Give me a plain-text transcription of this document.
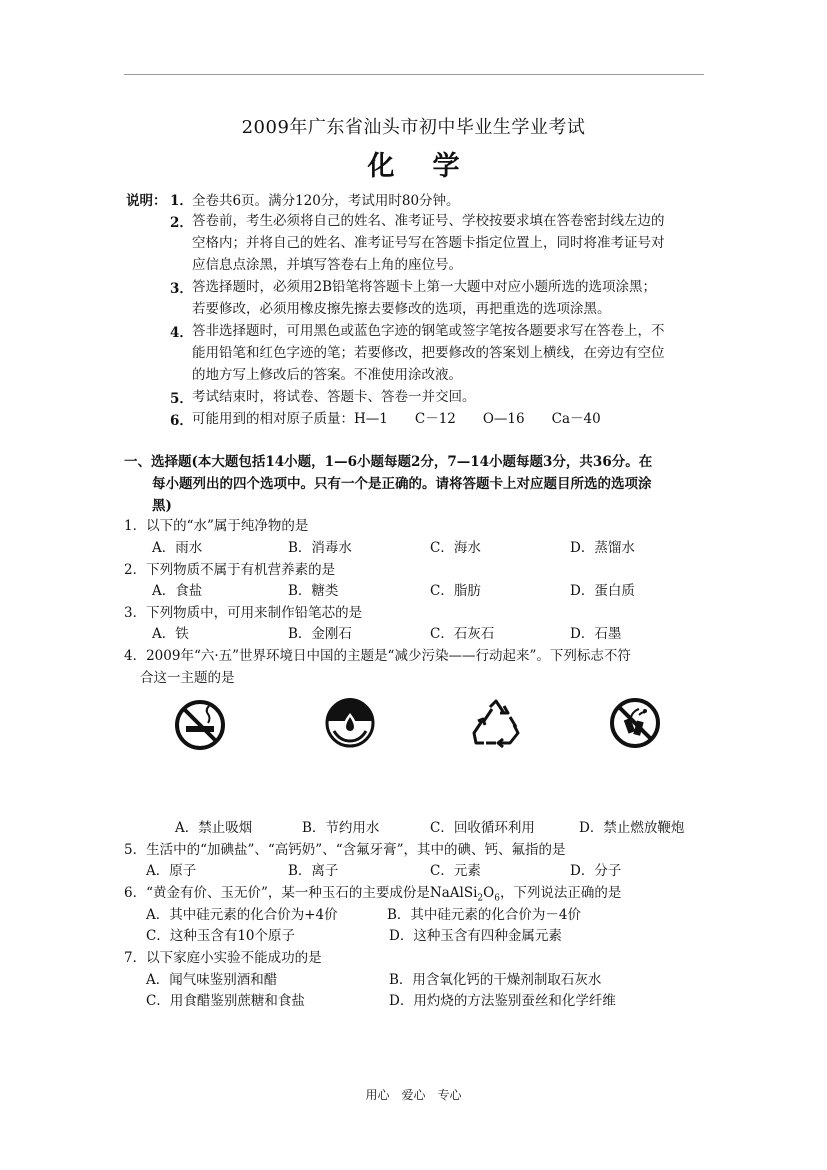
2009年广东省汕头市初中毕业生学业考试
化学
说明： 1． 全卷共6页。满分120分，考试用时80分钟。
2． 答卷前，考生必须将自己的姓名、准考证号、学校按要求填在答卷密封线左边的
空格内；并将自己的姓名、准考证号写在答题卡指定位置上，同时将准考证号对
应信息点涂黑，并填写答卷右上角的座位号。
3． 答选择题时，必须用2B铅笔将答题卡上第一大题中对应小题所选的选项涂黑；
若要修改，必须用橡皮擦先擦去要修改的选项，再把重选的选项涂黑。
4． 答非选择题时，可用黑色或蓝色字迹的钢笔或签字笔按各题要求写在答卷上，不
能用铅笔和红色字迹的笔；若要修改，把要修改的答案划上横线，在旁边有空位
的地方写上修改后的答案。不准使用涂改液。
5． 考试结束时，将试卷、答题卡、答卷一并交回。
6． 可能用到的相对原子质量：H—1　　C－12　　O—16　　Ca－40
一、选择题(本大题包括14小题，1—6小题每题2分，7—14小题每题3分，共36分。在
每小题列出的四个选项中。只有一个是正确的。请将答题卡上对应题目所选的选项涂
黑)
1．以下的“水”属于纯净物的是
A．雨水	B．消毒水	C．海水	D．蒸馏水
2．下列物质不属于有机营养素的是
A．食盐	B．糖类	C．脂肪	D．蛋白质
3．下列物质中，可用来制作铅笔芯的是
A．铁	B．金刚石	C．石灰石	D．石墨
4．2009年“六·五”世界环境日中国的主题是“减少污染——行动起来”。下列标志不符
合这一主题的是
A．禁止吸烟	B．节约用水	C．回收循环利用	D．禁止燃放鞭炮
5．生活中的“加碘盐”、“高钙奶”、“含氟牙膏”，其中的碘、钙、氟指的是
A．原子	B．离子	C．元素	D．分子
6．“黄金有价、玉无价”，某一种玉石的主要成份是$NaAlSi_2O_6$，下列说法正确的是
A．其中硅元素的化合价为+4价	B．其中硅元素的化合价为－4价
C．这种玉含有10个原子	D．这种玉含有四种金属元素
7．以下家庭小实验不能成功的是
A．闻气味鉴别酒和醋	B．用含氧化钙的干燥剂制取石灰水
C．用食醋鉴别蔗糖和食盐	D．用灼烧的方法鉴别蚕丝和化学纤维
用心　爱心　专心
